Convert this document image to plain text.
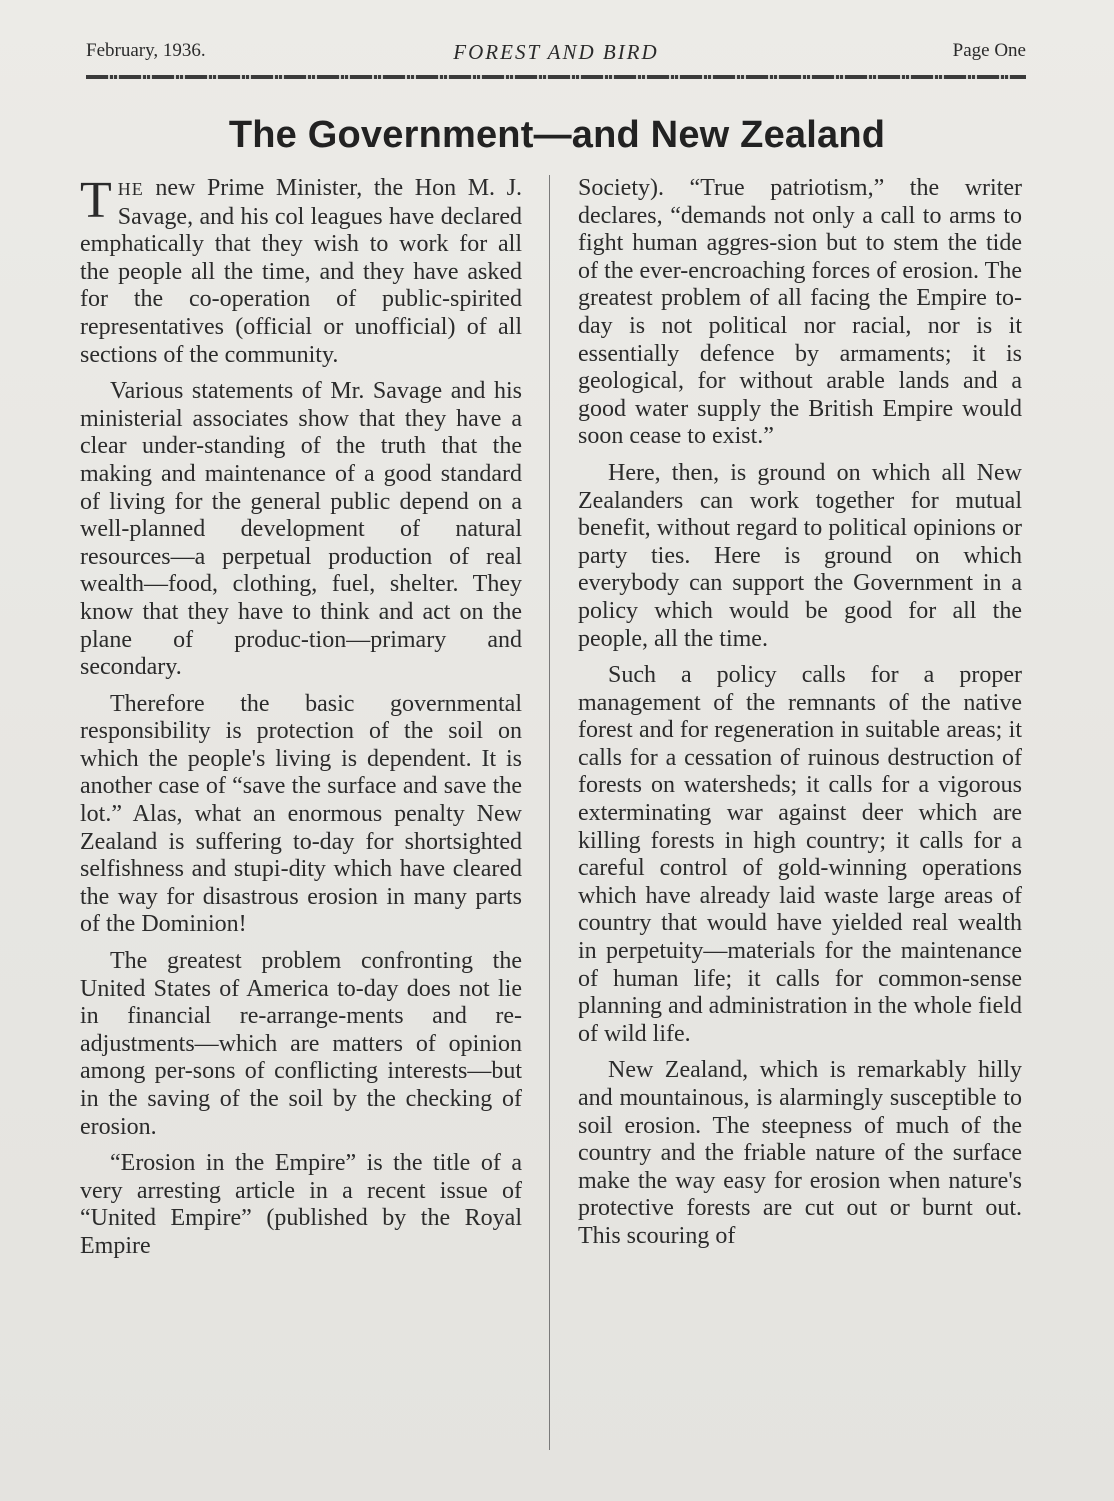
February, 1936.	FOREST AND BIRD	Page One
The Government—and New Zealand

THE new Prime Minister, the Hon M. J. Savage, and his col leagues have declared emphatically that they wish to work for all the people all the time, and they have asked for the co-operation of public-spirited representatives (official or unofficial) of all sections of the community.

Various statements of Mr. Savage and his ministerial associates show that they have a clear under-standing of the truth that the making and maintenance of a good standard of living for the general public depend on a well-planned development of natural resources—a perpetual production of real wealth—food, clothing, fuel, shelter. They know that they have to think and act on the plane of produc-tion—primary and secondary.

Therefore the basic governmental responsibility is protection of the soil on which the people's living is dependent. It is another case of “save the surface and save the lot.” Alas, what an enormous penalty New Zealand is suffering to-day for shortsighted selfishness and stupi-dity which have cleared the way for disastrous erosion in many parts of the Dominion!

The greatest problem confronting the United States of America to-day does not lie in financial re-arrange-ments and re-adjustments—which are matters of opinion among per-sons of conflicting interests—but in the saving of the soil by the checking of erosion.

“Erosion in the Empire” is the title of a very arresting article in a recent issue of “United Empire” (published by the Royal Empire

Society). “True patriotism,” the writer declares, “demands not only a call to arms to fight human aggres-sion but to stem the tide of the ever-encroaching forces of erosion. The greatest problem of all facing the Empire to-day is not political nor racial, nor is it essentially defence by armaments; it is geological, for without arable lands and a good water supply the British Empire would soon cease to exist.”

Here, then, is ground on which all New Zealanders can work together for mutual benefit, without regard to political opinions or party ties. Here is ground on which everybody can support the Government in a policy which would be good for all the people, all the time.

Such a policy calls for a proper management of the remnants of the native forest and for regeneration in suitable areas; it calls for a cessation of ruinous destruction of forests on watersheds; it calls for a vigorous exterminating war against deer which are killing forests in high country; it calls for a careful control of gold-winning operations which have already laid waste large areas of country that would have yielded real wealth in perpetuity—materials for the maintenance of human life; it calls for common-sense planning and administration in the whole field of wild life.

New Zealand, which is remarkably hilly and mountainous, is alarmingly susceptible to soil erosion. The steepness of much of the country and the friable nature of the surface make the way easy for erosion when nature's protective forests are cut out or burnt out. This scouring of
